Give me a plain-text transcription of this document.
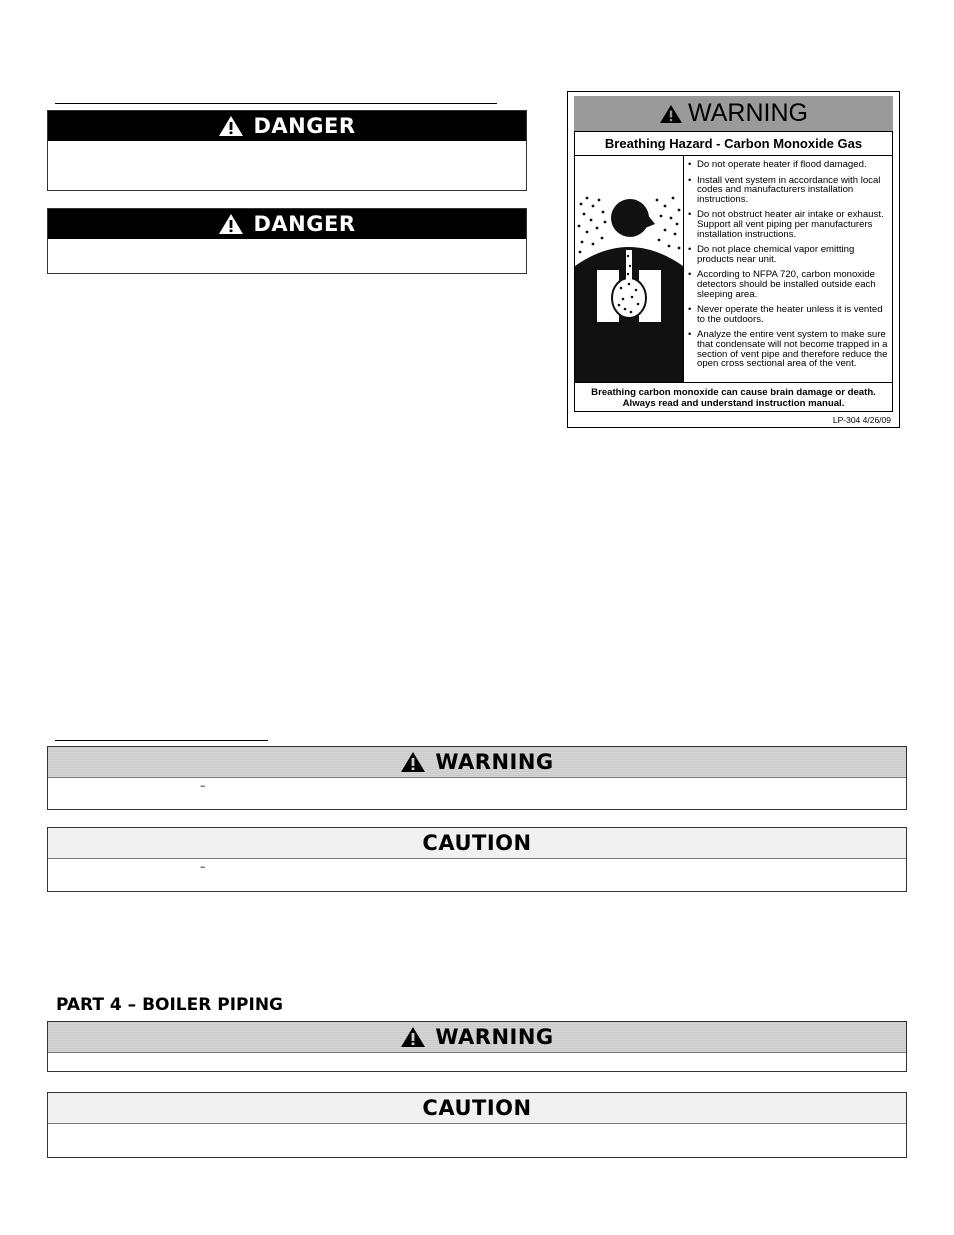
DANGER
DANGER
WARNING
Breathing Hazard - Carbon Monoxide Gas
• Do not operate heater if flood damaged.
• Install vent system in accordance with local codes and manufacturers installation instructions.
• Do not obstruct heater air intake or exhaust. Support all vent piping per manufacturers installation instructions.
• Do not place chemical vapor emitting products near unit.
• According to NFPA 720, carbon monoxide detectors should be installed outside each sleeping area.
• Never operate the heater unless it is vented to the outdoors.
• Analyze the entire vent system to make sure that condensate will not become trapped in a section of vent pipe and therefore reduce the open cross sectional area of the vent.
Breathing carbon monoxide can cause brain damage or death.
Always read and understand instruction manual.
LP-304 4/26/09
WARNING
–
CAUTION
–
PART 4 – BOILER PIPING
WARNING
CAUTION
